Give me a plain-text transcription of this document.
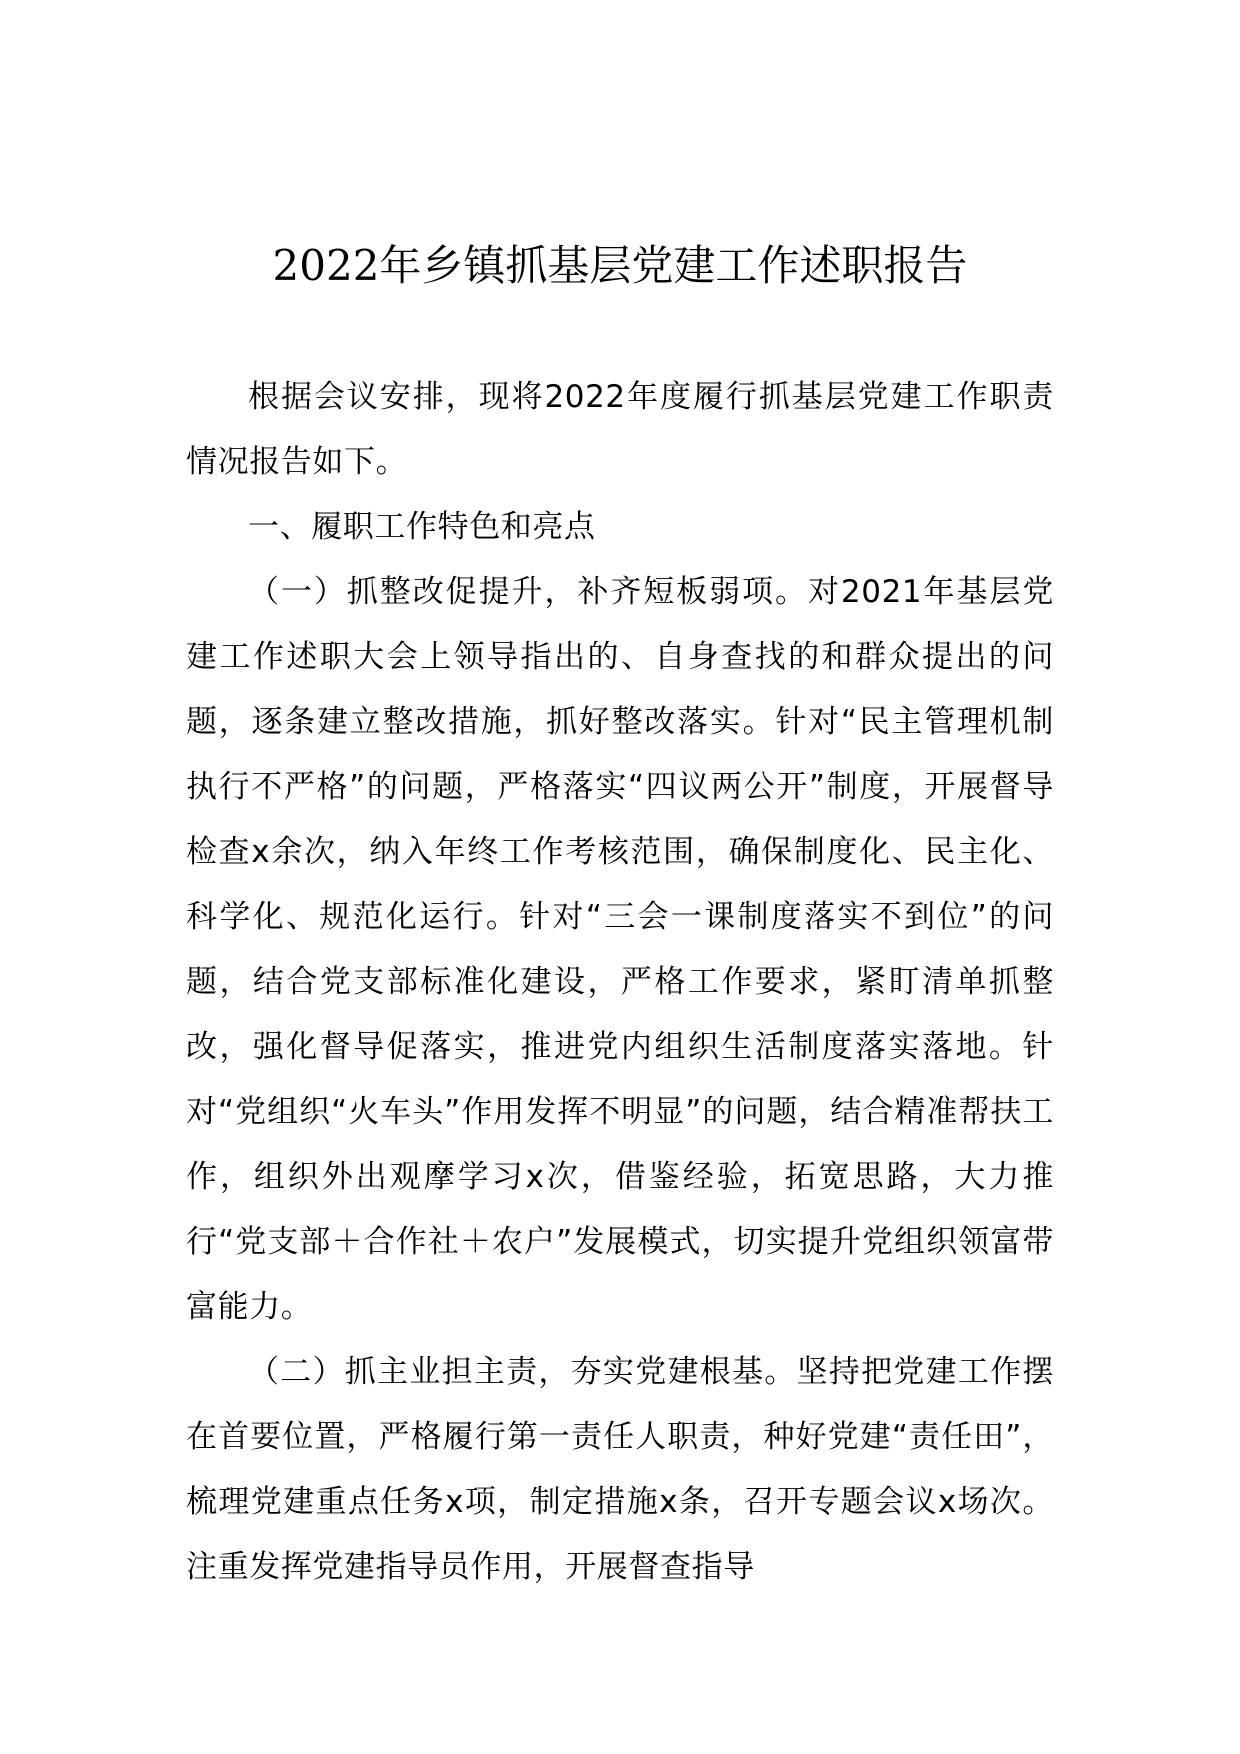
2022年乡镇抓基层党建工作述职报告

根据会议安排，现将2022年度履行抓基层党建工作职责情况报告如下。

一、履职工作特色和亮点

（一）抓整改促提升，补齐短板弱项。对2021年基层党建工作述职大会上领导指出的、自身查找的和群众提出的问题，逐条建立整改措施，抓好整改落实。针对“民主管理机制执行不严格”的问题，严格落实“四议两公开”制度，开展督导检查x余次，纳入年终工作考核范围，确保制度化、民主化、科学化、规范化运行。针对“三会一课制度落实不到位”的问题，结合党支部标准化建设，严格工作要求，紧盯清单抓整改，强化督导促落实，推进党内组织生活制度落实落地。针对“党组织“火车头”作用发挥不明显”的问题，结合精准帮扶工作，组织外出观摩学习x次，借鉴经验，拓宽思路，大力推行“党支部＋合作社＋农户”发展模式，切实提升党组织领富带富能力。

（二）抓主业担主责，夯实党建根基。坚持把党建工作摆在首要位置，严格履行第一责任人职责，种好党建“责任田”，梳理党建重点任务x项，制定措施x条，召开专题会议x场次。注重发挥党建指导员作用，开展督查指导
